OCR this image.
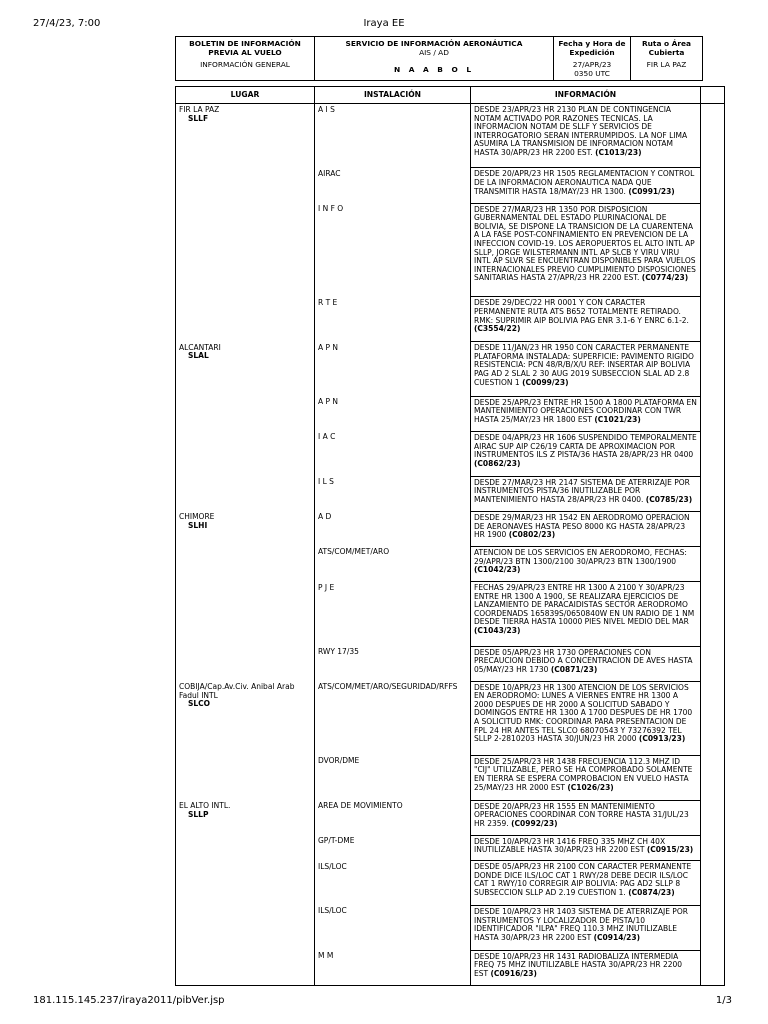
27/4/23, 7:00	Iraya EE
BOLETIN DE INFORMACIÓN PREVIA AL VUELO
INFORMACIÓN GENERAL

SERVICIO DE INFORMACIÓN AERONÁUTICA
AIS / AD
N A A B O L

Fecha y Hora de Expedición
27/APR/23
0350 UTC	
Ruta o Área Cubierta
FIR LA PAZ
LUGAR	INSTALACIÓN	INFORMACIÓN	
FIR LA PAZ
SLLF	A I S	DESDE 23/APR/23 HR 2130 PLAN DE CONTINGENCIA NOTAM ACTIVADO POR RAZONES TECNICAS. LA INFORMACION NOTAM DE SLLF Y SERVICIOS DE INTERROGATORIO SERAN INTERRUMPIDOS. LA NOF LIMA ASUMIRA LA TRANSMISION DE INFORMACION NOTAM HASTA 30/APR/23 HR 2200 EST. (C1013/23)	

	AIRAC	DESDE 20/APR/23 HR 1505 REGLAMENTACION Y CONTROL DE LA INFORMACION AERONAUTICA NADA QUE TRANSMITIR HASTA 18/MAY/23 HR 1300. (C0991/23)	

	I N F O	DESDE 27/MAR/23 HR 1350 POR DISPOSICION GUBERNAMENTAL DEL ESTADO PLURINACIONAL DE BOLIVIA, SE DISPONE LA TRANSICION DE LA CUARENTENA A LA FASE POST-CONFINAMIENTO EN PREVENCION DE LA INFECCION COVID-19. LOS AEROPUERTOS EL ALTO INTL AP SLLP, JORGE WILSTERMANN INTL AP SLCB Y VIRU VIRU INTL AP SLVR SE ENCUENTRAN DISPONIBLES PARA VUELOS INTERNACIONALES PREVIO CUMPLIMIENTO DISPOSICIONES SANITARIAS HASTA 27/APR/23 HR 2200 EST. (C0774/23)	

	R T E	DESDE 29/DEC/22 HR 0001 Y CON CARACTER PERMANENTE RUTA ATS B652 TOTALMENTE RETIRADO. RMK: SUPRIMIR AIP BOLIVIA PAG ENR 3.1-6 Y ENRC 6.1-2. (C3554/22)	

ALCANTARI
SLAL	A P N	DESDE 11/JAN/23 HR 1950 CON CARACTER PERMANENTE PLATAFORMA INSTALADA: SUPERFICIE: PAVIMENTO RIGIDO RESISTENCIA: PCN 48/R/B/X/U REF: INSERTAR AIP BOLIVIA PAG AD 2 SLAL 2 30 AUG 2019 SUBSECCION SLAL AD 2.8 CUESTION 1 (C0099/23)	

	A P N	DESDE 25/APR/23 ENTRE HR 1500 A 1800 PLATAFORMA EN MANTENIMIENTO OPERACIONES COORDINAR CON TWR HASTA 25/MAY/23 HR 1800 EST (C1021/23)	

	I A C	DESDE 04/APR/23 HR 1606 SUSPENDIDO TEMPORALMENTE AIRAC SUP AIP C26/19 CARTA DE APROXIMACION POR INSTRUMENTOS ILS Z PISTA/36 HASTA 28/APR/23 HR 0400 (C0862/23)	

	I L S	DESDE 27/MAR/23 HR 2147 SISTEMA DE ATERRIZAJE POR INSTRUMENTOS PISTA/36 INUTILIZABLE POR MANTENIMIENTO HASTA 28/APR/23 HR 0400. (C0785/23)	

CHIMORE
SLHI	A D	DESDE 29/MAR/23 HR 1542 EN AERODROMO OPERACION DE AERONAVES HASTA PESO 8000 KG HASTA 28/APR/23 HR 1900 (C0802/23)	

	ATS/COM/MET/ARO	ATENCION DE LOS SERVICIOS EN AERODROMO, FECHAS: 29/APR/23 BTN 1300/2100 30/APR/23 BTN 1300/1900 (C1042/23)	

	P J E	FECHAS 29/APR/23 ENTRE HR 1300 A 2100 Y 30/APR/23 ENTRE HR 1300 A 1900, SE REALIZARA EJERCICIOS DE LANZAMIENTO DE PARACAIDISTAS SECTOR AERODROMO COORDENADS 165839S/0650840W EN UN RADIO DE 1 NM DESDE TIERRA HASTA 10000 PIES NIVEL MEDIO DEL MAR (C1043/23)	

	RWY 17/35	DESDE 05/APR/23 HR 1730 OPERACIONES CON PRECAUCION DEBIDO A CONCENTRACION DE AVES HASTA 05/MAY/23 HR 1730 (C0871/23)	

COBIJA/Cap.Av.Civ. Anibal Arab Fadul INTL
SLCO	ATS/COM/MET/ARO/SEGURIDAD/RFFS	DESDE 10/APR/23 HR 1300 ATENCION DE LOS SERVICIOS EN AERODROMO: LUNES A VIERNES ENTRE HR 1300 A 2000 DESPUES DE HR 2000 A SOLICITUD SABADO Y DOMINGOS ENTRE HR 1300 A 1700 DESPUES DE HR 1700 A SOLICITUD RMK: COORDINAR PARA PRESENTACION DE FPL 24 HR ANTES TEL SLCO 68070543 Y 73276392 TEL SLLP 2-2810203 HASTA 30/JUN/23 HR 2000 (C0913/23)	

	DVOR/DME	DESDE 25/APR/23 HR 1438 FRECUENCIA 112.3 MHZ ID "CIJ" UTILIZABLE, PERO SE HA COMPROBADO SOLAMENTE EN TIERRA SE ESPERA COMPROBACION EN VUELO HASTA 25/MAY/23 HR 2000 EST (C1026/23)	

EL ALTO INTL.
SLLP	AREA DE MOVIMIENTO	DESDE 20/APR/23 HR 1555 EN MANTENIMIENTO OPERACIONES COORDINAR CON TORRE HASTA 31/JUL/23 HR 2359. (C0992/23)	

	GP/T-DME	DESDE 10/APR/23 HR 1416 FREQ 335 MHZ CH 40X INUTILIZABLE HASTA 30/APR/23 HR 2200 EST (C0915/23)	

	ILS/LOC	DESDE 05/APR/23 HR 2100 CON CARACTER PERMANENTE DONDE DICE ILS/LOC CAT 1 RWY/28 DEBE DECIR ILS/LOC CAT 1 RWY/10 CORREGIR AIP BOLIVIA: PAG AD2 SLLP 8 SUBSECCION SLLP AD 2.19 CUESTION 1. (C0874/23)	

	ILS/LOC	DESDE 10/APR/23 HR 1403 SISTEMA DE ATERRIZAJE POR INSTRUMENTOS Y LOCALIZADOR DE PISTA/10 IDENTIFICADOR "ILPA" FREQ 110.3 MHZ INUTILIZABLE HASTA 30/APR/23 HR 2200 EST (C0914/23)	

	M M	DESDE 10/APR/23 HR 1431 RADIOBALIZA INTERMEDIA FREQ 75 MHZ INUTILIZABLE HASTA 30/APR/23 HR 2200 EST (C0916/23)	

181.115.145.237/iraya2011/pibVer.jsp	1/3
